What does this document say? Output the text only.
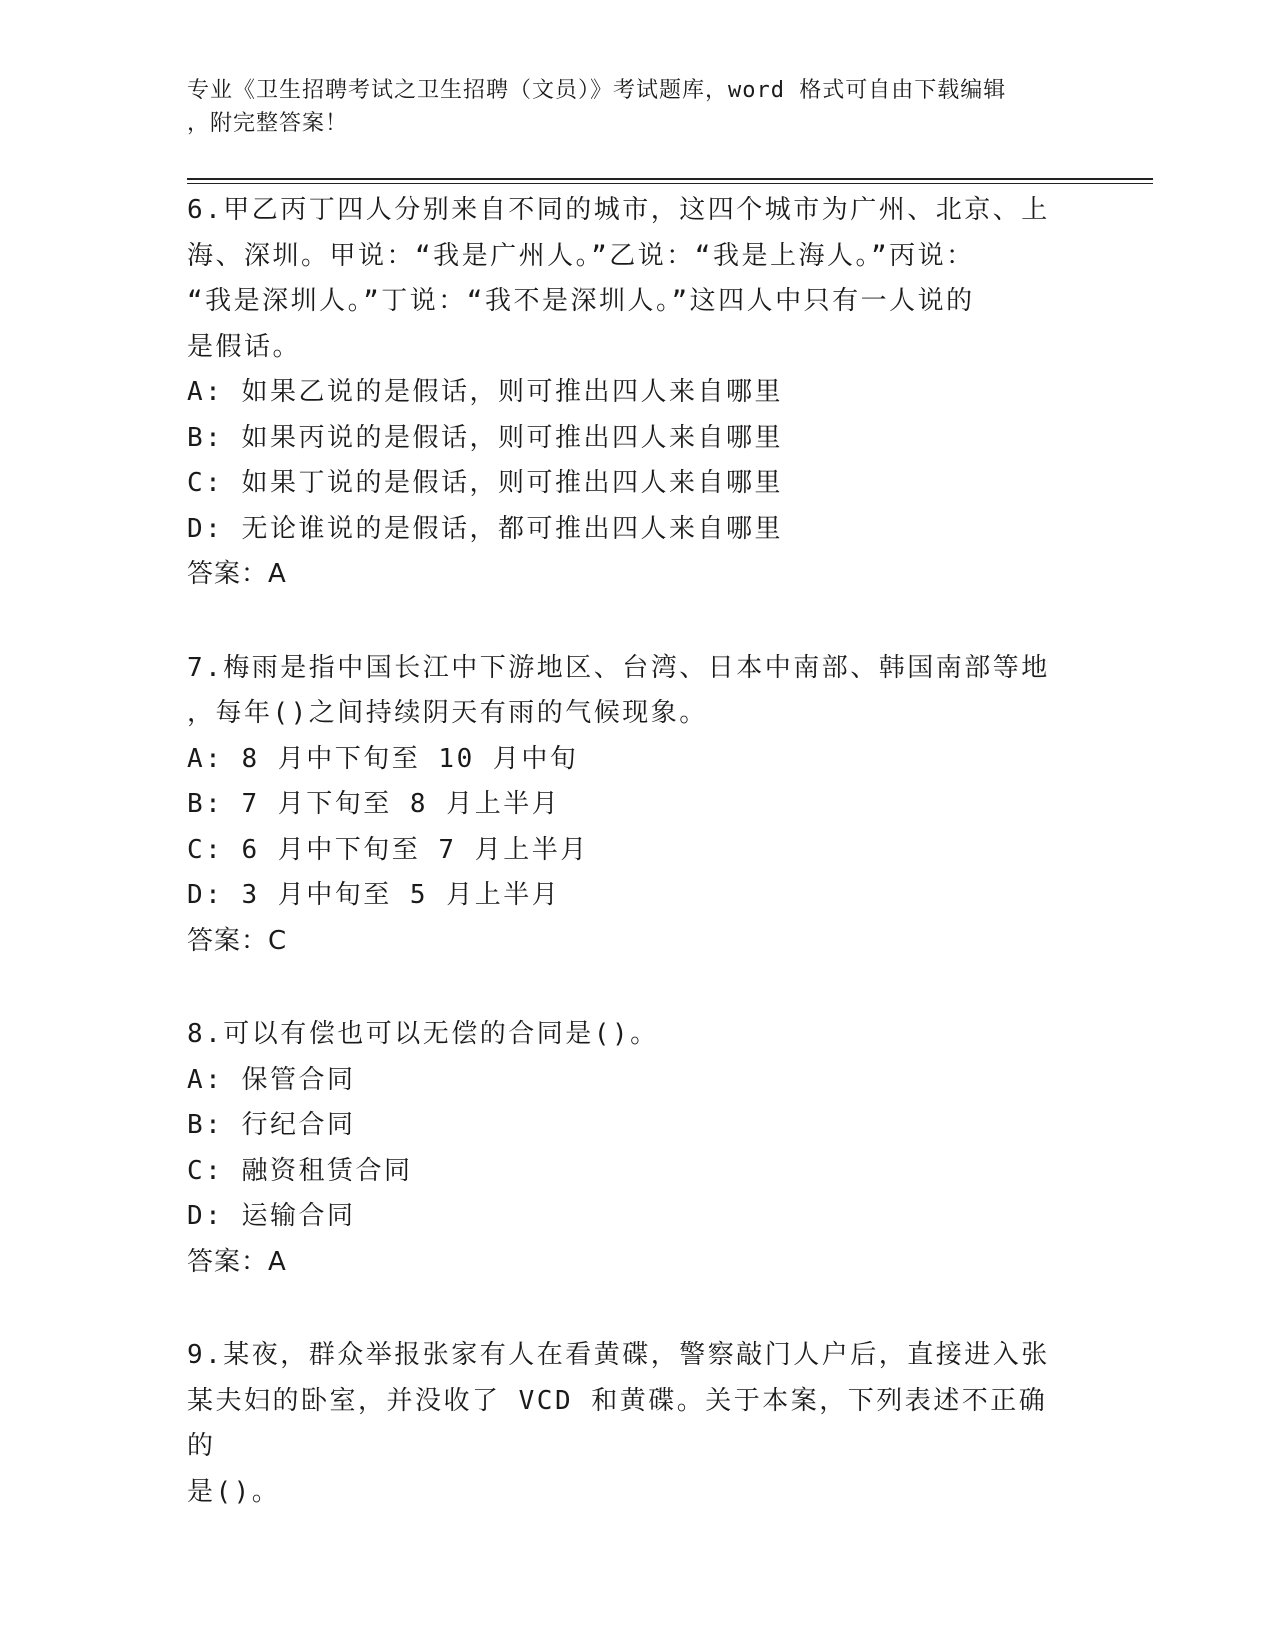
专业《卫生招聘考试之卫生招聘（文员）》考试题库，word 格式可自由下载编辑
，附完整答案！
6.甲乙丙丁四人分别来自不同的城市，这四个城市为广州、北京、上
海、深圳。甲说：“我是广州人。”乙说：“我是上海人。”丙说：
“我是深圳人。”丁说：“我不是深圳人。”这四人中只有一人说的
是假话。
A: 如果乙说的是假话，则可推出四人来自哪里
B: 如果丙说的是假话，则可推出四人来自哪里
C: 如果丁说的是假话，则可推出四人来自哪里
D: 无论谁说的是假话，都可推出四人来自哪里
答案：A
7.梅雨是指中国长江中下游地区、台湾、日本中南部、韩国南部等地
，每年()之间持续阴天有雨的气候现象。
A: 8 月中下旬至 10 月中旬
B: 7 月下旬至 8 月上半月
C: 6 月中下旬至 7 月上半月
D: 3 月中旬至 5 月上半月
答案：C
8.可以有偿也可以无偿的合同是()。
A: 保管合同
B: 行纪合同
C: 融资租赁合同
D: 运输合同
答案：A
9.某夜，群众举报张家有人在看黄碟，警察敲门人户后，直接进入张
某夫妇的卧室，并没收了 VCD 和黄碟。关于本案，下列表述不正确的
是()。
